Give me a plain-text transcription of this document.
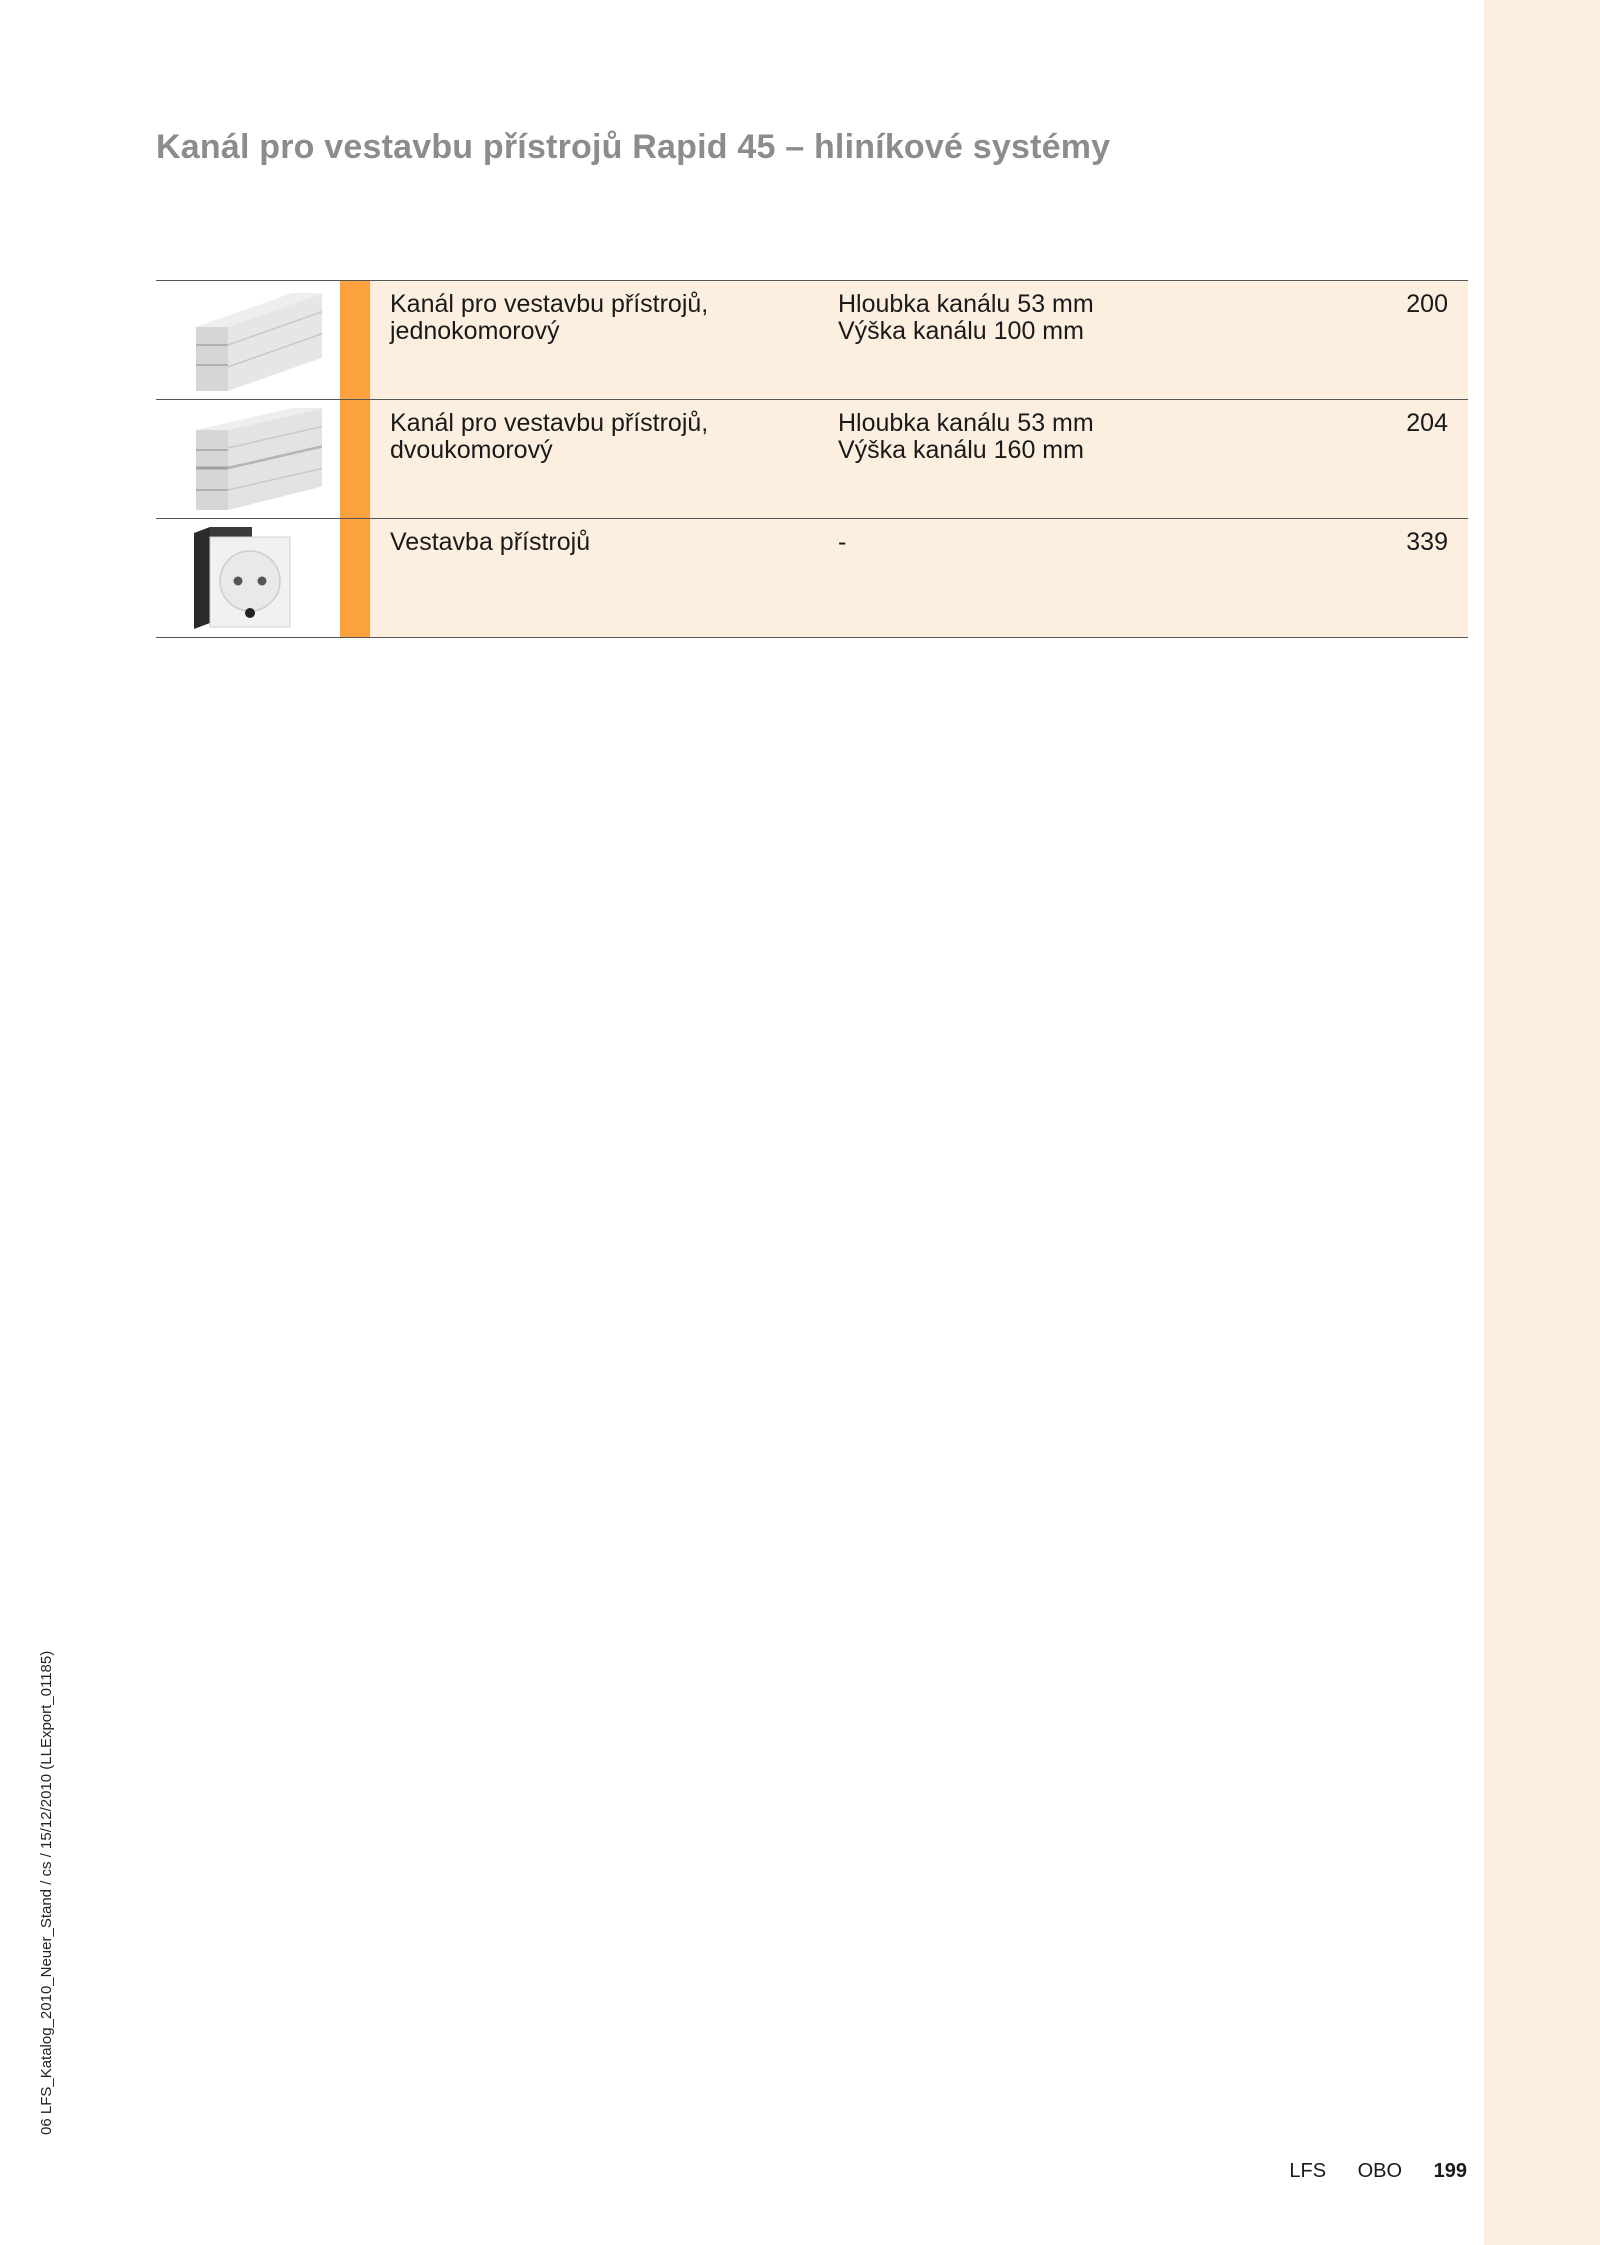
Kanál pro vestavbu přístrojů Rapid 45 – hliníkové systémy
Kanál pro vestavbu přístrojů,
jednokomorový
Hloubka kanálu 53 mm
Výška kanálu 100 mm
200
Kanál pro vestavbu přístrojů,
dvoukomorový
Hloubka kanálu 53 mm
Výška kanálu 160 mm
204
Vestavba přístrojů	-	339
06 LFS_Katalog_2010_Neuer_Stand / cs / 15/12/2010 (LLExport_01185)
LFS OBO 199
